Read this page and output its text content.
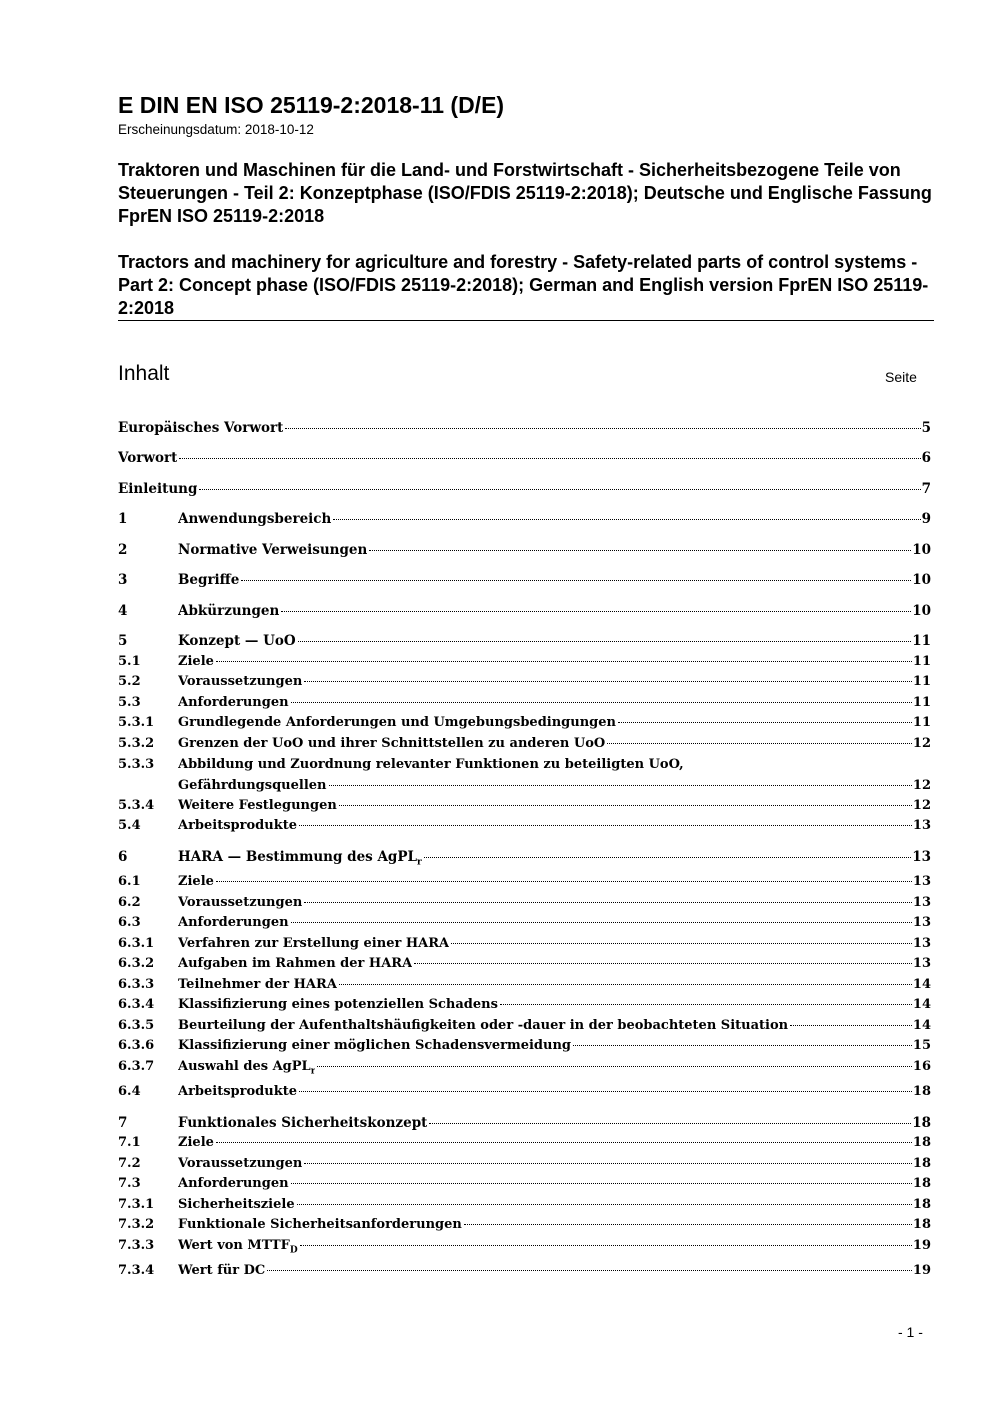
E DIN EN ISO 25119-2:2018-11 (D/E)
Erscheinungsdatum: 2018-10-12
Traktoren und Maschinen für die Land- und Forstwirtschaft - Sicherheitsbezogene Teile von Steuerungen - Teil 2: Konzeptphase (ISO/FDIS 25119-2:2018); Deutsche und Englische Fassung FprEN ISO 25119-2:2018
Tractors and machinery for agriculture and forestry - Safety-related parts of control systems - Part 2: Concept phase (ISO/FDIS 25119-2:2018); German and English version FprEN ISO 25119-2:2018
Inhalt	Seite
Europäisches Vorwort	5
Vorwort	6
Einleitung	7
1	Anwendungsbereich	9
2	Normative Verweisungen	10
3	Begriffe	10
4	Abkürzungen	10
5	Konzept — UoO	11
5.1	Ziele	11
5.2	Voraussetzungen	11
5.3	Anforderungen	11
5.3.1	Grundlegende Anforderungen und Umgebungsbedingungen	11
5.3.2	Grenzen der UoO und ihrer Schnittstellen zu anderen UoO	12
5.3.3	Abbildung und Zuordnung relevanter Funktionen zu beteiligten UoO,
Gefährdungsquellen	12
5.3.4	Weitere Festlegungen	12
5.4	Arbeitsprodukte	13
6	HARA — Bestimmung des AgPL$_r$	13
6.1	Ziele	13
6.2	Voraussetzungen	13
6.3	Anforderungen	13
6.3.1	Verfahren zur Erstellung einer HARA	13
6.3.2	Aufgaben im Rahmen der HARA	13
6.3.3	Teilnehmer der HARA	14
6.3.4	Klassifizierung eines potenziellen Schadens	14
6.3.5	Beurteilung der Aufenthaltshäufigkeiten oder -dauer in der beobachteten Situation	14
6.3.6	Klassifizierung einer möglichen Schadensvermeidung	15
6.3.7	Auswahl des AgPL$_r$	16
6.4	Arbeitsprodukte	18
7	Funktionales Sicherheitskonzept	18
7.1	Ziele	18
7.2	Voraussetzungen	18
7.3	Anforderungen	18
7.3.1	Sicherheitsziele	18
7.3.2	Funktionale Sicherheitsanforderungen	18
7.3.3	Wert von $MTTF_D$	19
7.3.4	Wert für DC	19
- 1 -
